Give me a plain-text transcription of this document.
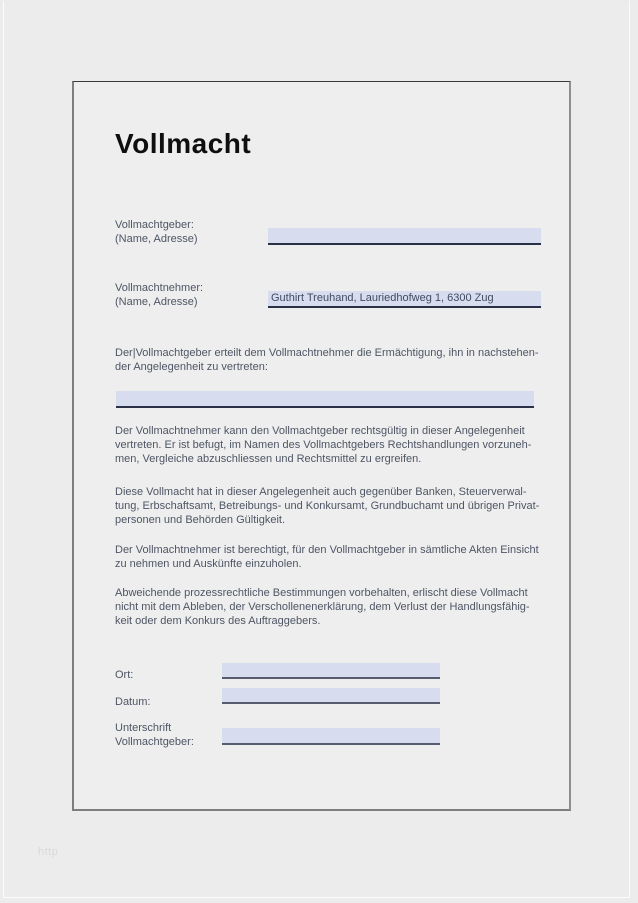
Vollmacht
Vollmachtgeber:
(Name, Adresse)
Vollmachtnehmer:
(Name, Adresse)	Guthirt Treuhand, Lauriedhofweg 1, 6300 Zug
Der|Vollmachtgeber erteilt dem Vollmachtnehmer die Ermächtigung, ihn in nachstehen-
der Angelegenheit zu vertreten:
Der Vollmachtnehmer kann den Vollmachtgeber rechtsgültig in dieser Angelegenheit
vertreten. Er ist befugt, im Namen des Vollmachtgebers Rechtshandlungen vorzuneh-
men, Vergleiche abzuschliessen und Rechtsmittel zu ergreifen.
Diese Vollmacht hat in dieser Angelegenheit auch gegenüber Banken, Steuerverwal-
tung, Erbschaftsamt, Betreibungs- und Konkursamt, Grundbuchamt und übrigen Privat-
personen und Behörden Gültigkeit.
Der Vollmachtnehmer ist berechtigt, für den Vollmachtgeber in sämtliche Akten Einsicht
zu nehmen und Auskünfte einzuholen.
Abweichende prozessrechtliche Bestimmungen vorbehalten, erlischt diese Vollmacht
nicht mit dem Ableben, der Verschollenenerklärung, dem Verlust der Handlungsfähig-
keit oder dem Konkurs des Auftraggebers.
Ort:
Datum:
Unterschrift
Vollmachtgeber:
http
